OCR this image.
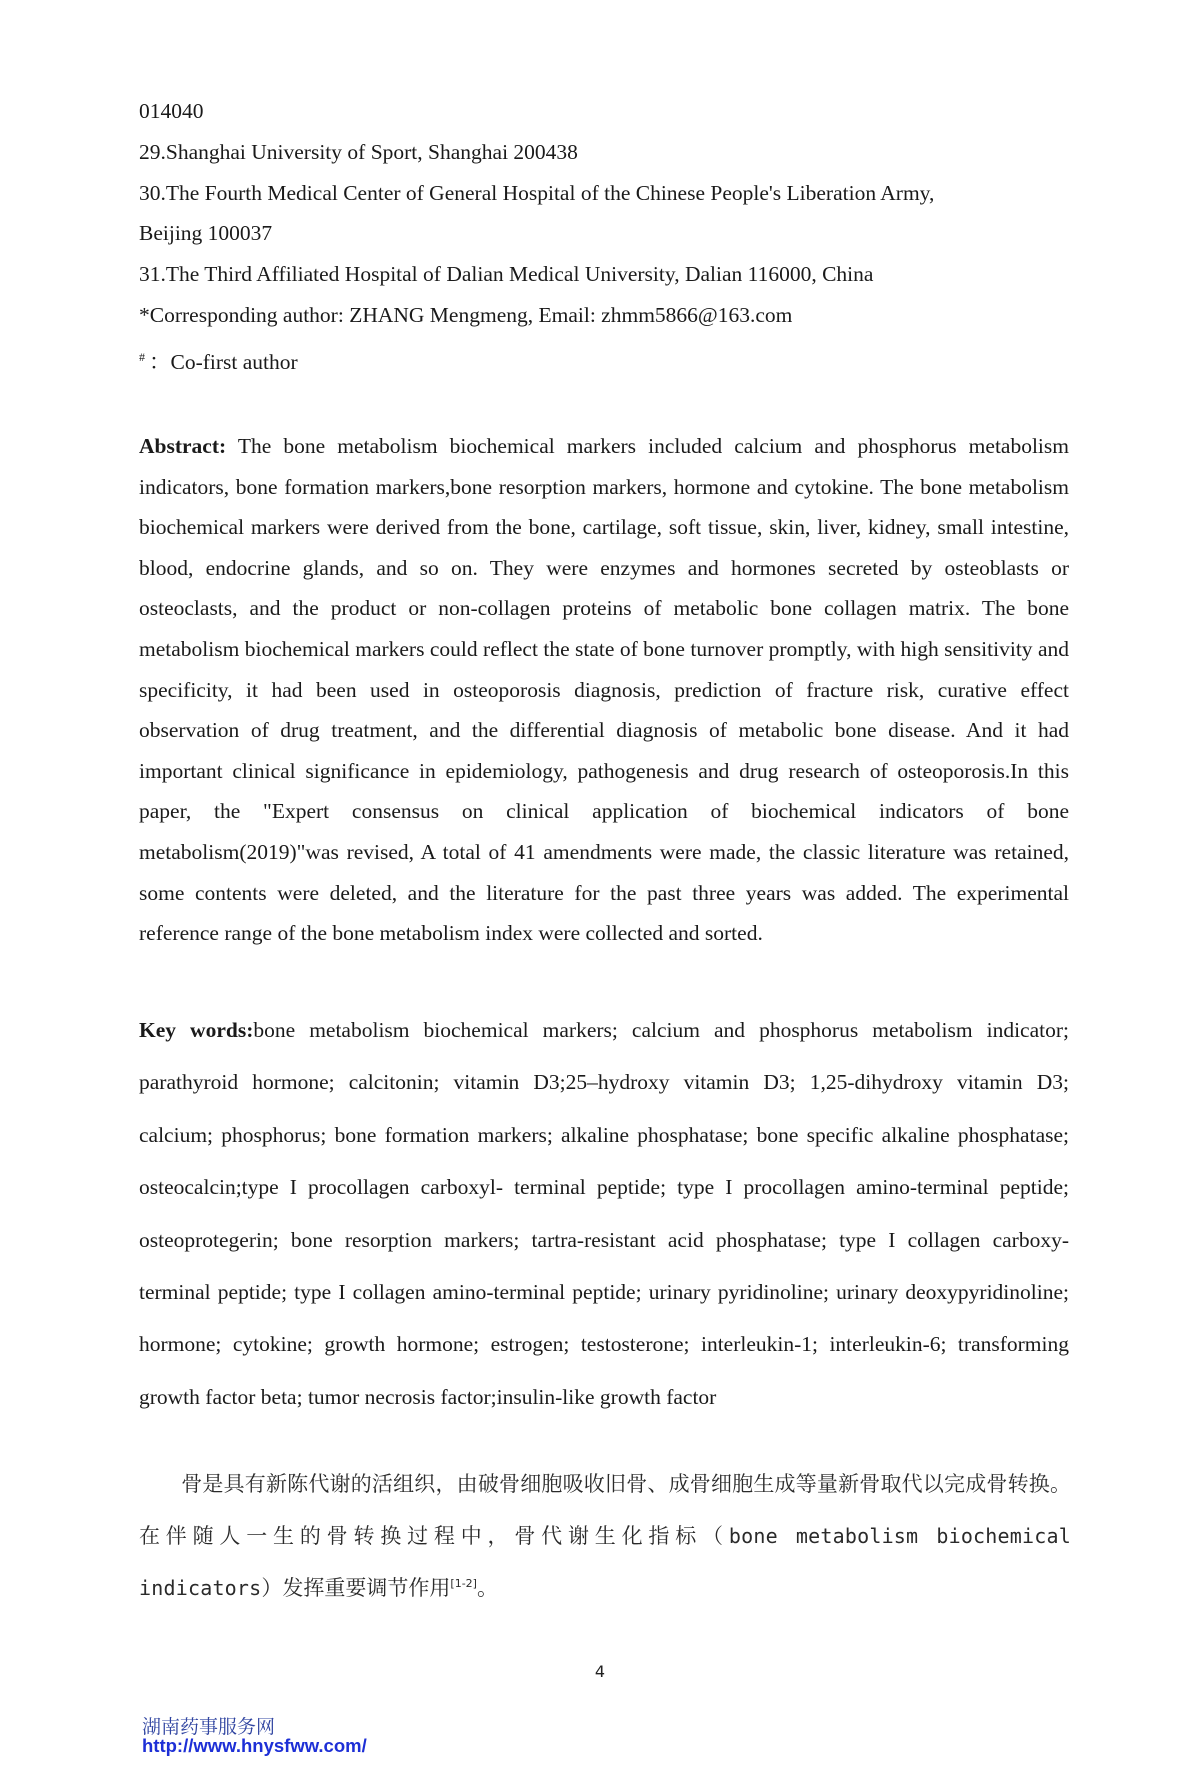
014040
29.Shanghai University of Sport, Shanghai 200438
30.The Fourth Medical Center of General Hospital of the Chinese People's Liberation Army,
Beijing 100037
31.The Third Affiliated Hospital of Dalian Medical University, Dalian 116000, China
*Corresponding author: ZHANG Mengmeng, Email: zhmm5866@163.com
# ：Co-first author
Abstract: The bone metabolism biochemical markers included calcium and phosphorus metabolism indicators, bone formation markers,bone resorption markers, hormone and cytokine. The bone metabolism biochemical markers were derived from the bone, cartilage, soft tissue, skin, liver, kidney, small intestine, blood, endocrine glands, and so on. They were enzymes and hormones secreted by osteoblasts or osteoclasts, and the product or non-collagen proteins of metabolic bone collagen matrix. The bone metabolism biochemical markers could reflect the state of bone turnover promptly, with high sensitivity and specificity, it had been used in osteoporosis diagnosis, prediction of fracture risk, curative effect observation of drug treatment, and the differential diagnosis of metabolic bone disease. And it had important clinical significance in epidemiology, pathogenesis and drug research of osteoporosis.In this paper, the "Expert consensus on clinical application of biochemical indicators of bone metabolism(2019)"was revised, A total of 41 amendments were made, the classic literature was retained, some contents were deleted, and the literature for the past three years was added. The experimental reference range of the bone metabolism index were collected and sorted.
Key words:bone metabolism biochemical markers; calcium and phosphorus metabolism indicator; parathyroid hormone; calcitonin; vitamin D3;25–hydroxy vitamin D3; 1,25-dihydroxy vitamin D3; calcium; phosphorus; bone formation markers; alkaline phosphatase; bone specific alkaline phosphatase; osteocalcin;type I procollagen carboxyl- terminal peptide; type I procollagen amino-terminal peptide; osteoprotegerin; bone resorption markers; tartra-resistant acid phosphatase; type I collagen carboxy-terminal peptide; type I collagen amino-terminal peptide; urinary pyridinoline; urinary deoxypyridinoline; hormone; cytokine; growth hormone; estrogen; testosterone; interleukin-1; interleukin-6; transforming growth factor beta; tumor necrosis factor;insulin-like growth factor
骨是具有新陈代谢的活组织，由破骨细胞吸收旧骨、成骨细胞生成等量新骨取代以完成骨转换。在伴随人一生的骨转换过程中，骨代谢生化指标（bone metabolism biochemical indicators）发挥重要调节作用[1-2]。
4
湖南药事服务网
http://www.hnysfww.com/
